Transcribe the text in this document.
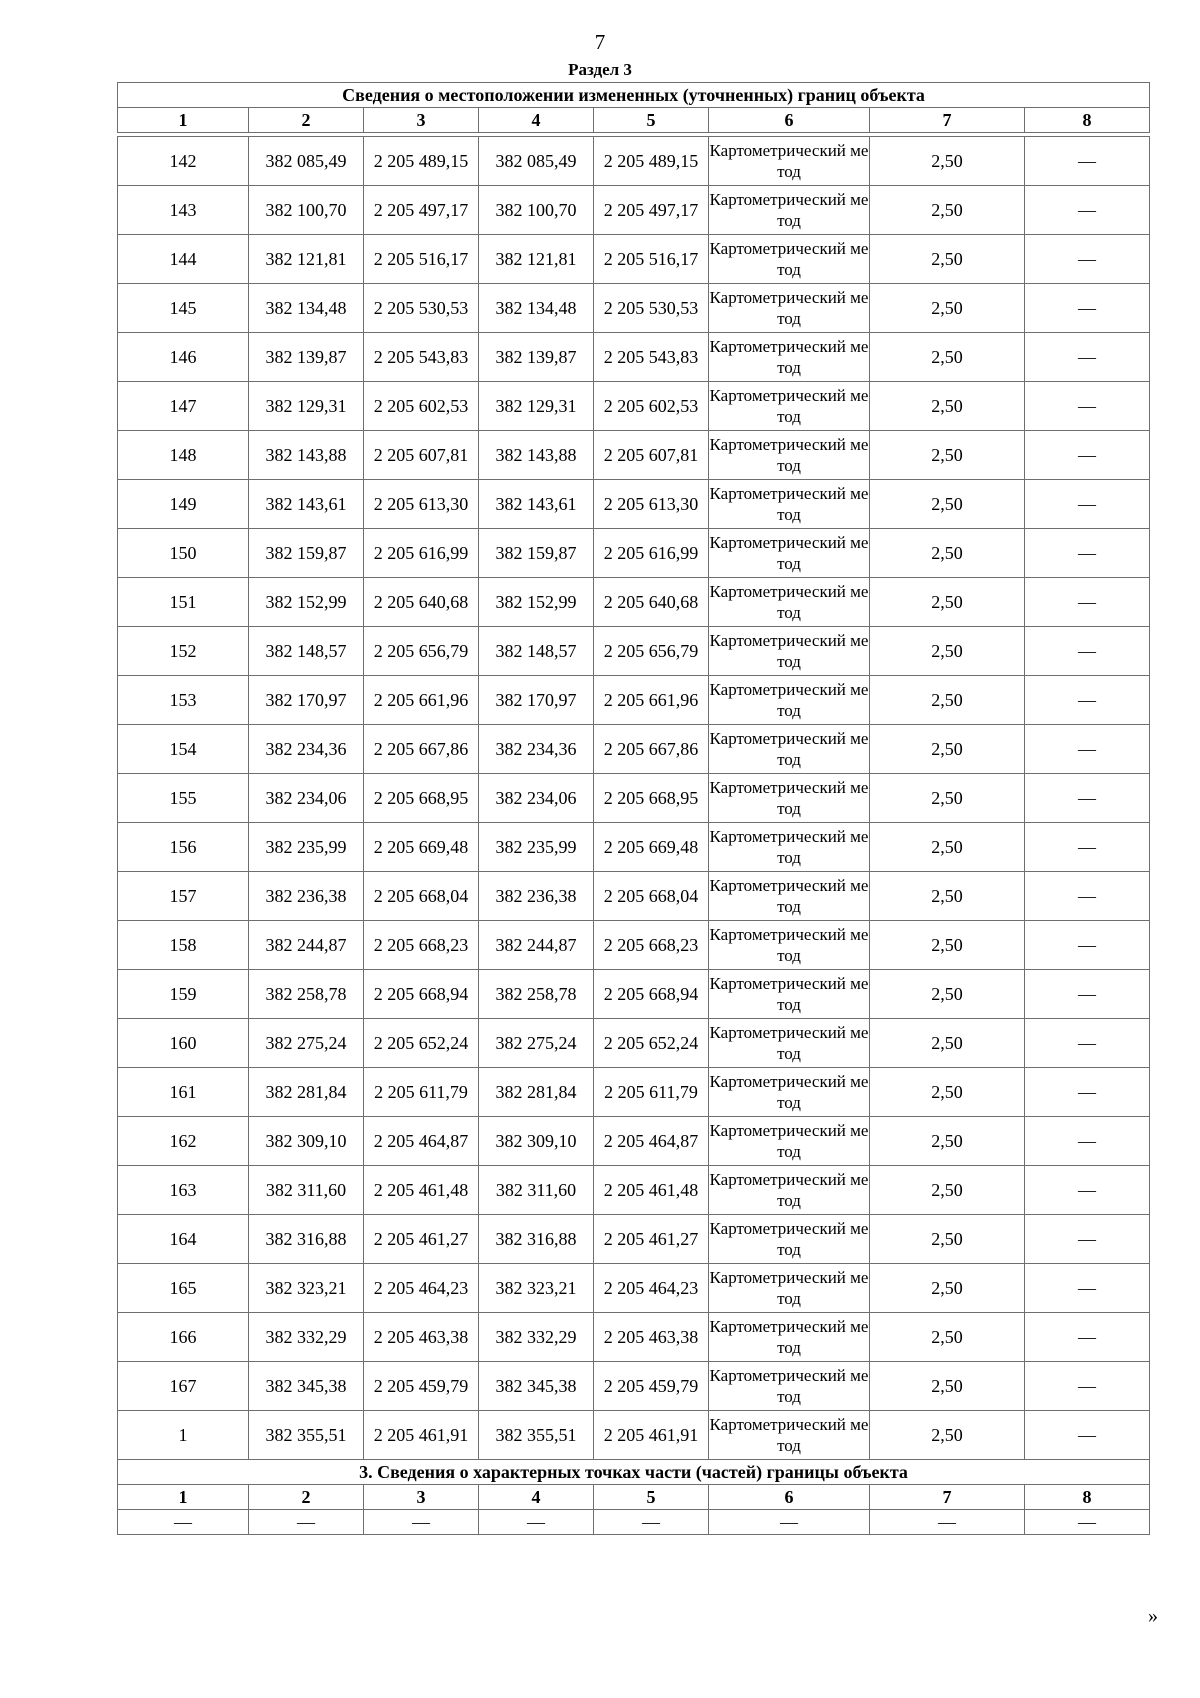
7
Раздел 3
Сведения о местоположении измененных (уточненных) границ объекта							
1	2	3	4	5	6	7	8

142	382 085,49	2 205 489,15	382 085,49	2 205 489,15	Картометрический метод	2,50	—
143	382 100,70	2 205 497,17	382 100,70	2 205 497,17	Картометрический метод	2,50	—
144	382 121,81	2 205 516,17	382 121,81	2 205 516,17	Картометрический метод	2,50	—
145	382 134,48	2 205 530,53	382 134,48	2 205 530,53	Картометрический метод	2,50	—
146	382 139,87	2 205 543,83	382 139,87	2 205 543,83	Картометрический метод	2,50	—
147	382 129,31	2 205 602,53	382 129,31	2 205 602,53	Картометрический метод	2,50	—
148	382 143,88	2 205 607,81	382 143,88	2 205 607,81	Картометрический метод	2,50	—
149	382 143,61	2 205 613,30	382 143,61	2 205 613,30	Картометрический метод	2,50	—
150	382 159,87	2 205 616,99	382 159,87	2 205 616,99	Картометрический метод	2,50	—
151	382 152,99	2 205 640,68	382 152,99	2 205 640,68	Картометрический метод	2,50	—
152	382 148,57	2 205 656,79	382 148,57	2 205 656,79	Картометрический метод	2,50	—
153	382 170,97	2 205 661,96	382 170,97	2 205 661,96	Картометрический метод	2,50	—
154	382 234,36	2 205 667,86	382 234,36	2 205 667,86	Картометрический метод	2,50	—
155	382 234,06	2 205 668,95	382 234,06	2 205 668,95	Картометрический метод	2,50	—
156	382 235,99	2 205 669,48	382 235,99	2 205 669,48	Картометрический метод	2,50	—
157	382 236,38	2 205 668,04	382 236,38	2 205 668,04	Картометрический метод	2,50	—
158	382 244,87	2 205 668,23	382 244,87	2 205 668,23	Картометрический метод	2,50	—
159	382 258,78	2 205 668,94	382 258,78	2 205 668,94	Картометрический метод	2,50	—
160	382 275,24	2 205 652,24	382 275,24	2 205 652,24	Картометрический метод	2,50	—
161	382 281,84	2 205 611,79	382 281,84	2 205 611,79	Картометрический метод	2,50	—
162	382 309,10	2 205 464,87	382 309,10	2 205 464,87	Картометрический метод	2,50	—
163	382 311,60	2 205 461,48	382 311,60	2 205 461,48	Картометрический метод	2,50	—
164	382 316,88	2 205 461,27	382 316,88	2 205 461,27	Картометрический метод	2,50	—
165	382 323,21	2 205 464,23	382 323,21	2 205 464,23	Картометрический метод	2,50	—
166	382 332,29	2 205 463,38	382 332,29	2 205 463,38	Картометрический метод	2,50	—
167	382 345,38	2 205 459,79	382 345,38	2 205 459,79	Картометрический метод	2,50	—
1	382 355,51	2 205 461,91	382 355,51	2 205 461,91	Картометрический метод	2,50	—
3. Сведения о характерных точках части (частей) границы объекта							
1	2	3	4	5	6	7	8
—	—	—	—	—	—	—	—
»
